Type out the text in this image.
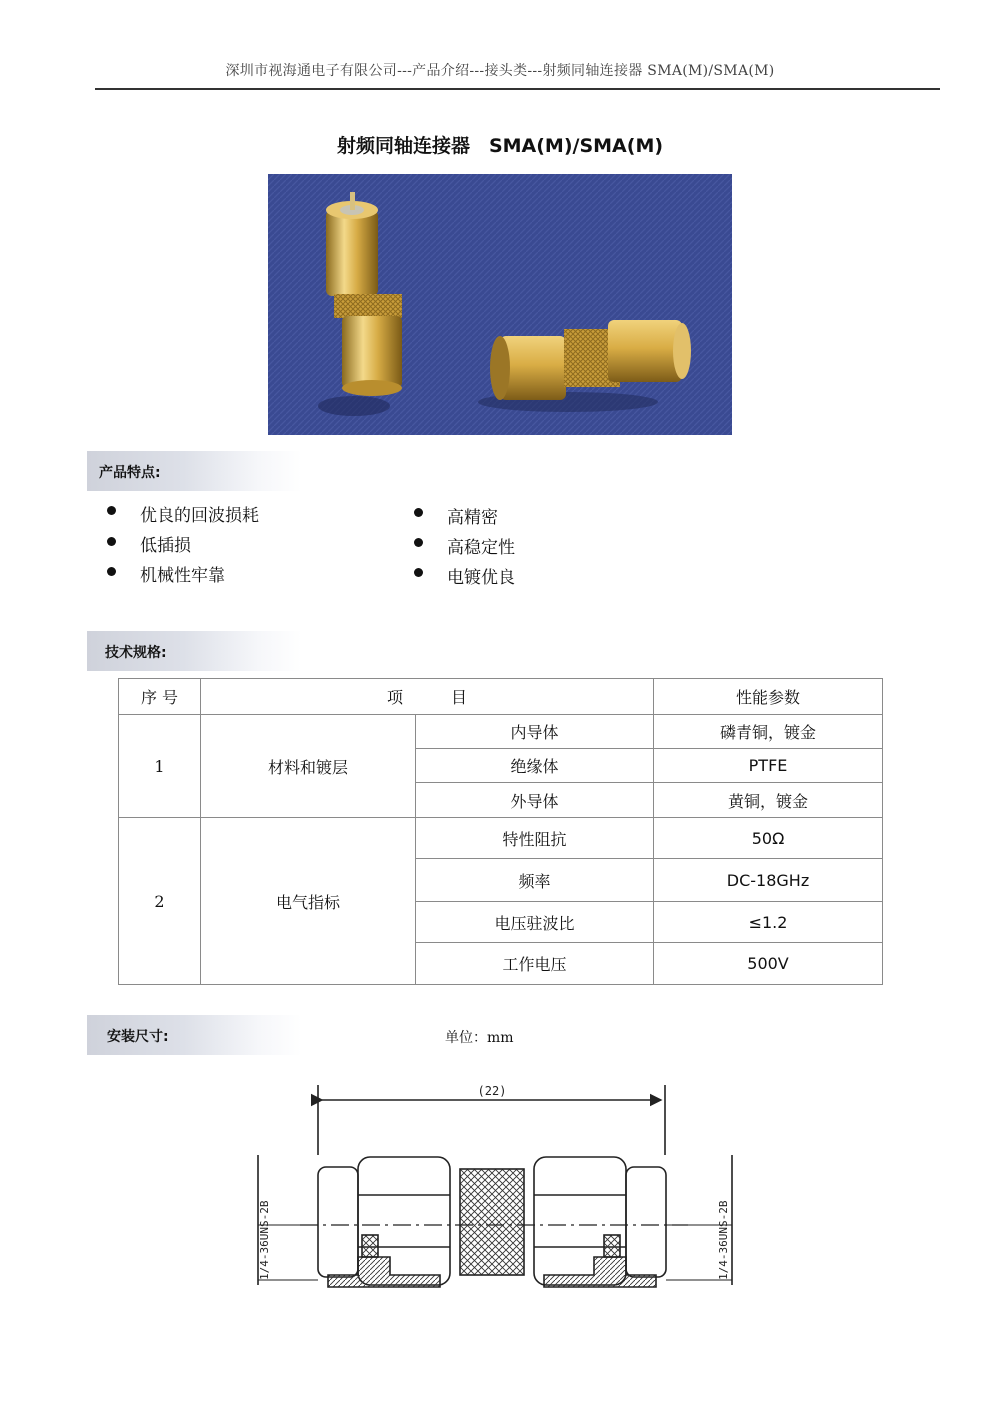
深圳市视海通电子有限公司---产品介绍---接头类---射频同轴连接器 SMA(M)/SMA(M)
射频同轴连接器　SMA(M)/SMA(M)
产品特点:
优良的回波损耗
低插损
机械性牢靠
高精密
高稳定性
电镀优良
技术规格:
序 号	项　　　目		性能参数
1	材料和镀层	内导体	磷青铜，镀金
		绝缘体	PTFE
		外导体	黄铜，镀金
2	电气指标	特性阻抗	50Ω
		频率	DC-18GHz
		电压驻波比	≤1.2
		工作电压	500V
安装尺寸:	单位：mm
(22)
1/4-36UNS-2B	1/4-36UNS-2B
